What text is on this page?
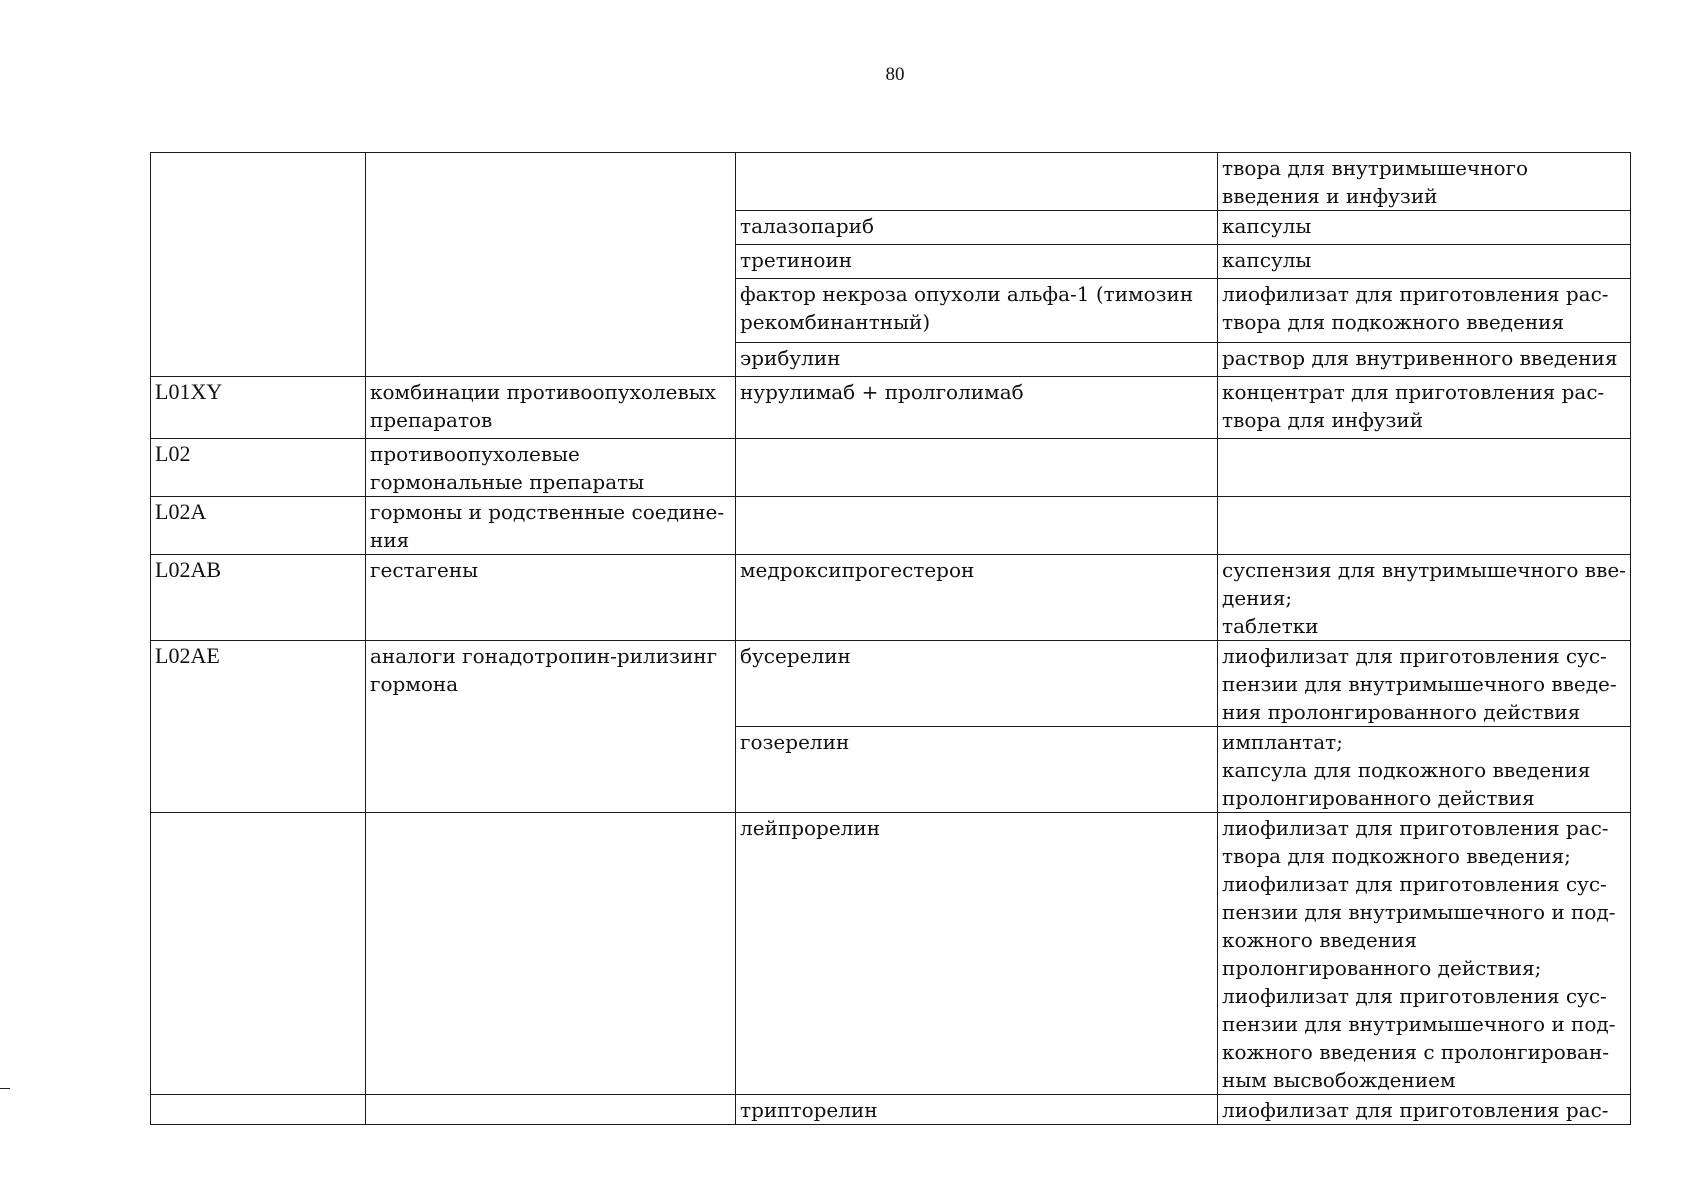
80
			твора для внутримышечного введения и инфузий
		талазопариб	капсулы
		третиноин	капсулы
		фактор некроза опухоли альфа-1 (тимозин рекомбинантный)	лиофилизат для приготовления рас-твора для подкожного введения
		эрибулин	раствор для внутривенного введения
L01XY	комбинации противоопухолевых препаратов	нурулимаб + пролголимаб	концентрат для приготовления рас-твора для инфузий
L02	противоопухолевые гормональные препараты		
L02A	гормоны и родственные соедине-ния		
L02AB	гестагены	медроксипрогестерон	суспензия для внутримышечного вве-дения;
таблетки
L02AE	аналоги гонадотропин-рилизинг гормона	бусерелин	лиофилизат для приготовления сус-пензии для внутримышечного введе-ния пролонгированного действия
		гозерелин	имплантат;
капсула для подкожного введения пролонгированного действия
		лейпрорелин	лиофилизат для приготовления рас-твора для подкожного введения;
лиофилизат для приготовления сус-пензии для внутримышечного и под-кожного введения пролонгированного действия;
лиофилизат для приготовления сус-пензии для внутримышечного и под-кожного введения с пролонгирован-ным высвобождением
		трипторелин	лиофилизат для приготовления рас-
